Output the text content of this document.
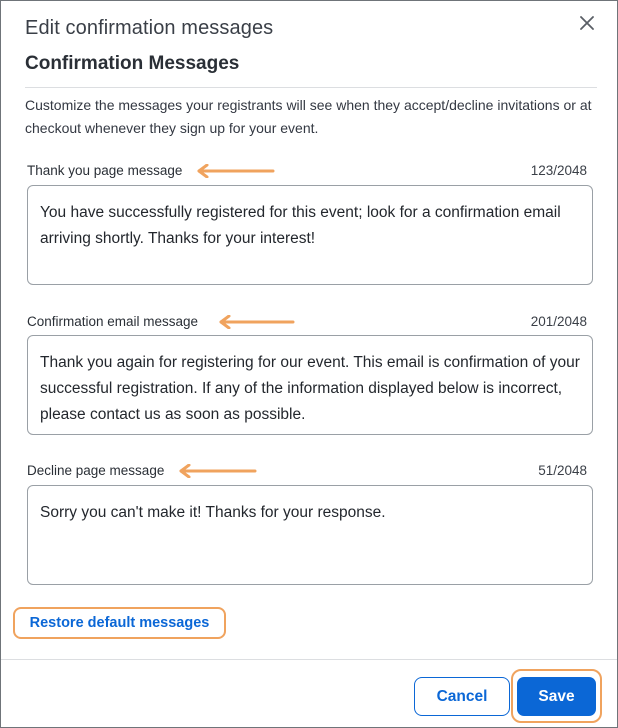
Edit confirmation messages
Confirmation Messages
Customize the messages your registrants will see when they accept/decline invitations or at checkout whenever they sign up for your event.
Thank you page message	123/2048
You have successfully registered for this event; look for a confirmation email arriving shortly. Thanks for your interest!
Confirmation email message	201/2048
Thank you again for registering for our event. This email is confirmation of your successful registration. If any of the information displayed below is incorrect, please contact us as soon as possible.
Decline page message	51/2048
Sorry you can't make it! Thanks for your response.
Restore default messages
Cancel	Save
